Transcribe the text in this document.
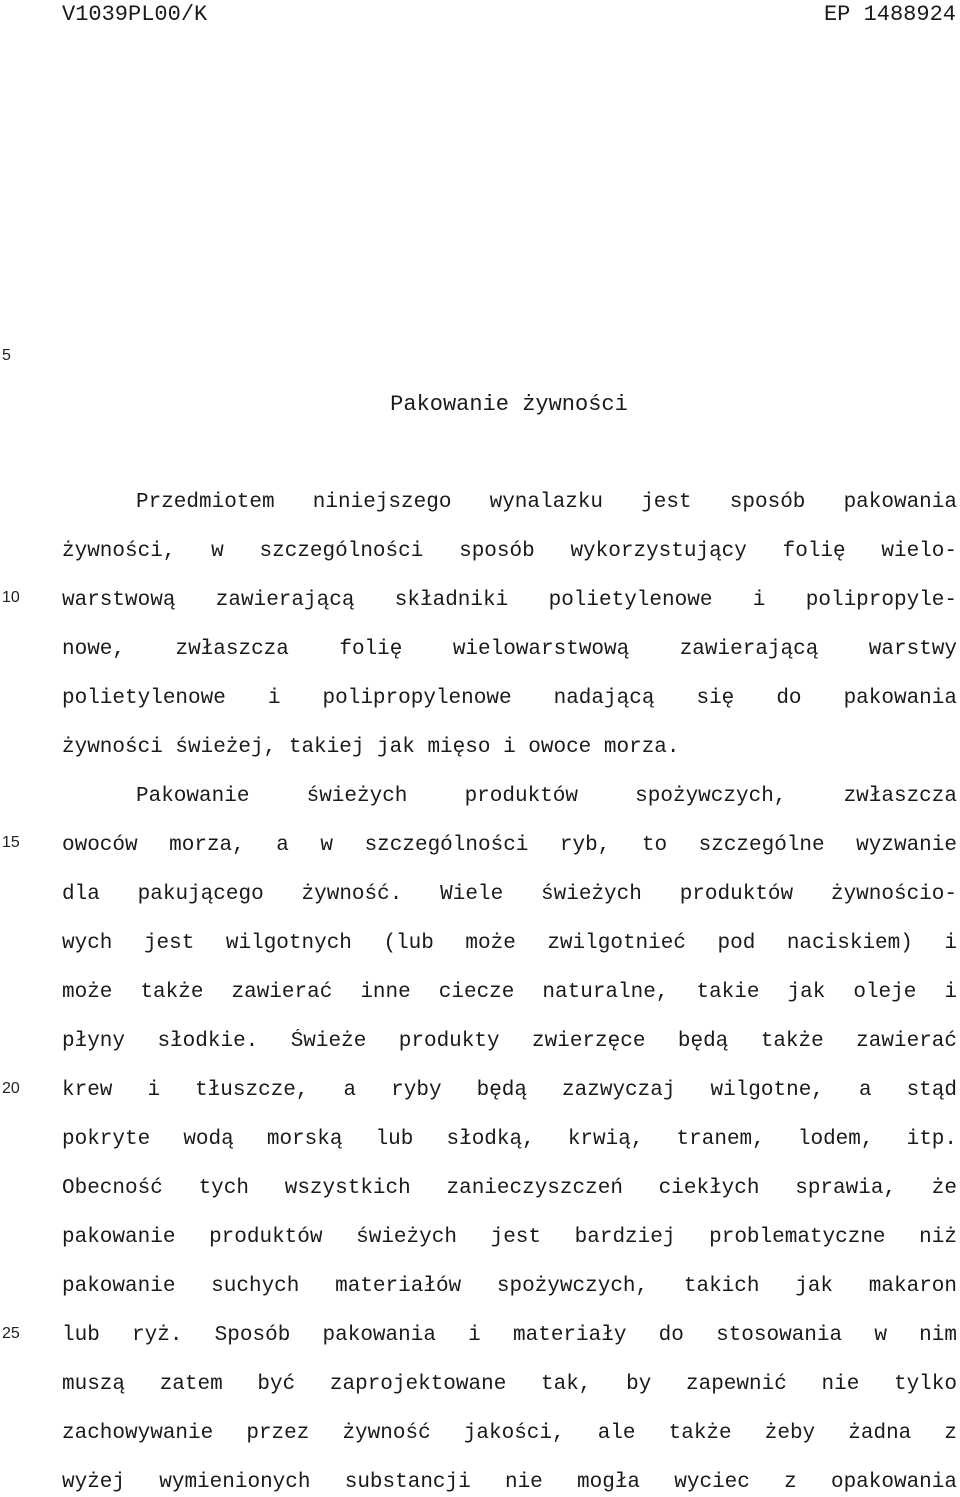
V1039PL00/K	EP 1488924
5
10
15
20
25
Pakowanie żywności
Przedmiotem niniejszego wynalazku jest sposób pakowania
żywności, w szczególności sposób wykorzystujący folię wielo-
warstwową zawierającą składniki polietylenowe i polipropyle-
nowe, zwłaszcza folię wielowarstwową zawierającą warstwy
polietylenowe i polipropylenowe nadającą się do pakowania
żywności świeżej, takiej jak mięso i owoce morza.
Pakowanie świeżych produktów spożywczych, zwłaszcza
owoców morza, a w szczególności ryb, to szczególne wyzwanie
dla pakującego żywność. Wiele świeżych produktów żywnościo-
wych jest wilgotnych (lub może zwilgotnieć pod naciskiem) i
może także zawierać inne ciecze naturalne, takie jak oleje i
płyny słodkie. Świeże produkty zwierzęce będą także zawierać
krew i tłuszcze, a ryby będą zazwyczaj wilgotne, a stąd
pokryte wodą morską lub słodką, krwią, tranem, lodem, itp.
Obecność tych wszystkich zanieczyszczeń ciekłych sprawia, że
pakowanie produktów świeżych jest bardziej problematyczne niż
pakowanie suchych materiałów spożywczych, takich jak makaron
lub ryż. Sposób pakowania i materiały do stosowania w nim
muszą zatem być zaprojektowane tak, by zapewnić nie tylko
zachowywanie przez żywność jakości, ale także żeby żadna z
wyżej wymienionych substancji nie mogła wyciec z opakowania
